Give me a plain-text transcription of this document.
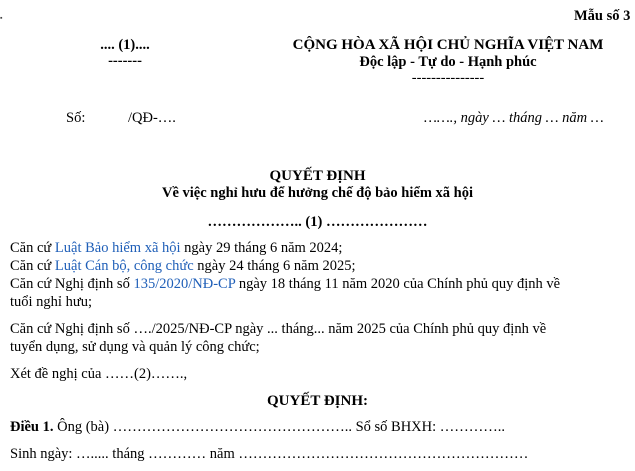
▪	Mẫu số 3
.... (1)....
-------
CỘNG HÒA XÃ HỘI CHỦ NGHĨA VIỆT NAM
Độc lập - Tự do - Hạnh phúc
---------------
Số:	/QĐ-….	……., ngày … tháng … năm …
QUYẾT ĐỊNH
Về việc nghỉ hưu để hưởng chế độ bảo hiểm xã hội
……………….. (1) …………………
Căn cứ Luật Bảo hiểm xã hội ngày 29 tháng 6 năm 2024;
Căn cứ Luật Cán bộ, công chức ngày 24 tháng 6 năm 2025;
Căn cứ Nghị định số 135/2020/NĐ-CP ngày 18 tháng 11 năm 2020 của Chính phủ quy định về
tuổi nghỉ hưu;
Căn cứ Nghị định số …./2025/NĐ-CP ngày ... tháng... năm 2025 của Chính phủ quy định về
tuyển dụng, sử dụng và quản lý công chức;
Xét đề nghị của ……(2)…….,
QUYẾT ĐỊNH:
Điều 1. Ông (bà) ………………………………………….. Sổ số BHXH: …………..
Sinh ngày: …..... tháng ………… năm ……………………………………………………
